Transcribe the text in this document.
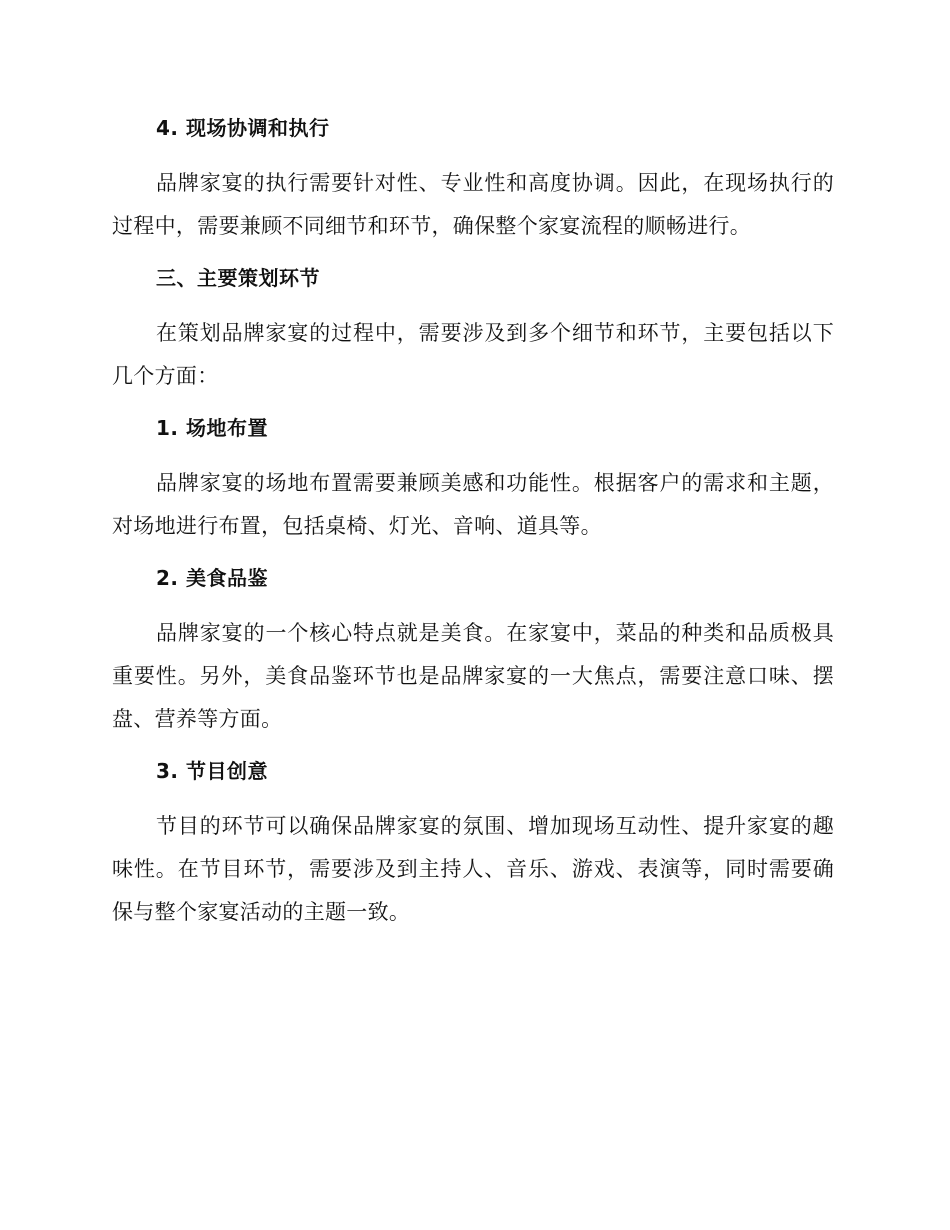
4. 现场协调和执行

品牌家宴的执行需要针对性、专业性和高度协调。因此，在现场执行的过程中，需要兼顾不同细节和环节，确保整个家宴流程的顺畅进行。

三、主要策划环节

在策划品牌家宴的过程中，需要涉及到多个细节和环节，主要包括以下几个方面：

1. 场地布置

品牌家宴的场地布置需要兼顾美感和功能性。根据客户的需求和主题，对场地进行布置，包括桌椅、灯光、音响、道具等。

2. 美食品鉴

品牌家宴的一个核心特点就是美食。在家宴中，菜品的种类和品质极具重要性。另外，美食品鉴环节也是品牌家宴的一大焦点，需要注意口味、摆盘、营养等方面。

3. 节目创意

节目的环节可以确保品牌家宴的氛围、增加现场互动性、提升家宴的趣味性。在节目环节，需要涉及到主持人、音乐、游戏、表演等，同时需要确保与整个家宴活动的主题一致。
